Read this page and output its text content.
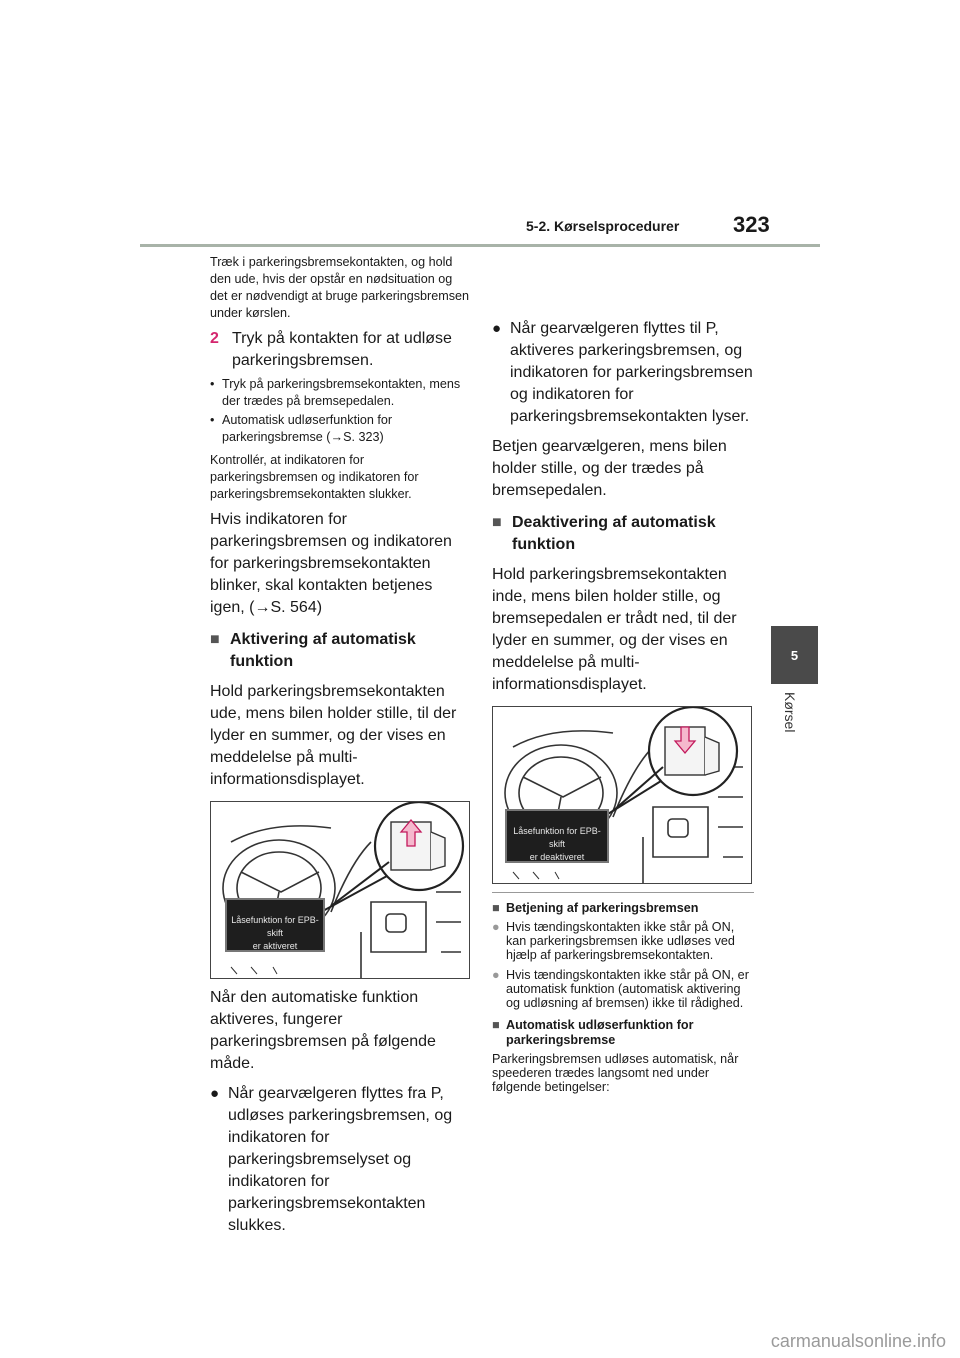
5-2. Kørselsprocedurer 323
5
Kørsel

Træk i parkeringsbremsekontakten, og hold den ude, hvis der opstår en nødsituation og det er nødvendigt at bruge parkeringsbremsen under kørslen.

2 Tryk på kontakten for at udløse parkeringsbremsen.
• Tryk på parkeringsbremsekontakten, mens der trædes på bremsepedalen.
• Automatisk udløserfunktion for parkeringsbremse (→S. 323)

Kontrollér, at indikatoren for parkeringsbremsen og indikatoren for parkeringsbremsekontakten slukker.

Hvis indikatoren for parkeringsbremsen og indikatoren for parkeringsbremsekontakten blinker, skal kontakten betjenes igen, (→S. 564)

■ Aktivering af automatisk funktion

Hold parkeringsbremsekontakten ude, mens bilen holder stille, til der lyder en summer, og der vises en meddelelse på multi-informationsdisplayet.

Låsefunktion for EPB-skift
er aktiveret

Når den automatiske funktion aktiveres, fungerer parkeringsbremsen på følgende måde.

● Når gearvælgeren flyttes fra P, udløses parkeringsbremsen, og indikatoren for parkeringsbremselyset og indikatoren for parkeringsbremsekontakten slukkes.
● Når gearvælgeren flyttes til P, aktiveres parkeringsbremsen, og indikatoren for parkeringsbremsen og indikatoren for parkeringsbremsekontakten lyser.

Betjen gearvælgeren, mens bilen holder stille, og der trædes på bremsepedalen.

■ Deaktivering af automatisk funktion

Hold parkeringsbremsekontakten inde, mens bilen holder stille, og bremsepedalen er trådt ned, til der lyder en summer, og der vises en meddelelse på multi-informationsdisplayet.

Låsefunktion for EPB-skift
er deaktiveret
■ Betjening af parkeringsbremsen
● Hvis tændingskontakten ikke står på ON, kan parkeringsbremsen ikke udløses ved hjælp af parkeringsbremsekontakten.
● Hvis tændingskontakten ikke står på ON, er automatisk funktion (automatisk aktivering og udløsning af bremsen) ikke til rådighed.
■ Automatisk udløserfunktion for parkeringsbremse

Parkeringsbremsen udløses automatisk, når speederen trædes langsomt ned under følgende betingelser:

carmanualsonline.info
